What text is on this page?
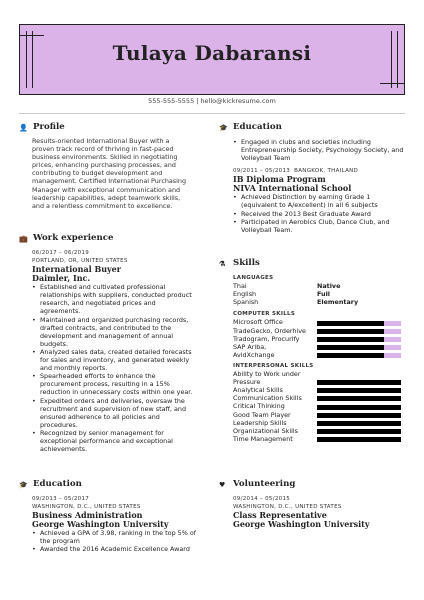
Tulaya Dabaransi
555-555-5555 | hello@kickresume.com
👤 Profile
Results-oriented International Buyer with a proven track record of thriving in fast-paced business environments. Skilled in negotiating prices, enhancing purchasing processes, and contributing to budget development and management. Certified International Purchasing Manager with exceptional communication and leadership capabilities, adept teamwork skills, and a relentless commitment to excellence.
💼 Work experience
06/2017 – 06/2019
PORTLAND, OR, UNITED STATES
International Buyer
Daimler, Inc.
• Established and cultivated professional relationships with suppliers, conducted product research, and negotiated prices and agreements.
• Maintained and organized purchasing records, drafted contracts, and contributed to the development and management of annual budgets.
• Analyzed sales data, created detailed forecasts for sales and inventory, and generated weekly and monthly reports.
• Spearheaded efforts to enhance the procurement process, resulting in a 15% reduction in unnecessary costs within one year.
• Expedited orders and deliveries, oversaw the recruitment and supervision of new staff, and ensured adherence to all policies and procedures.
• Recognized by senior management for exceptional performance and exceptional achievements.
🎓 Education
09/2013 – 05/2017
WASHINGTON, D.C., UNITED STATES
Business Administration
George Washington University
• Achieved a GPA of 3.98, ranking in the top 5% of the program
• Awarded the 2016 Academic Excellence Award
🎓 Education
• Engaged in clubs and societies including Entrepreneurship Society, Psychology Society, and Volleyball Team
09/2011 – 05/2013 BANGKOK, THAILAND
IB Diploma Program
NIVA International School
• Achieved Distinction by earning Grade 1 (equivalent to A/excellent) in all 6 subjects
• Received the 2013 Best Graduate Award
• Participated in Aerobics Club, Dance Club, and Volleyball Team.
⚗ Skills
LANGUAGES
Thai	Native
English	Full
Spanish	Elementary
COMPUTER SKILLS
Microsoft Office
TradeGecko, Orderhive
Tradogram, Procurify
SAP Ariba,
AvidXchange
INTERPERSONAL SKILLS
Ability to Work under Pressure
Analytical Skills
Communication Skills
Critical Thinking
Good Team Player
Leadership Skills
Organizational Skills
Time Management
♥ Volunteering
09/2014 – 05/2015
WASHINGTON, D.C., UNITED STATES
Class Representative
George Washington University
